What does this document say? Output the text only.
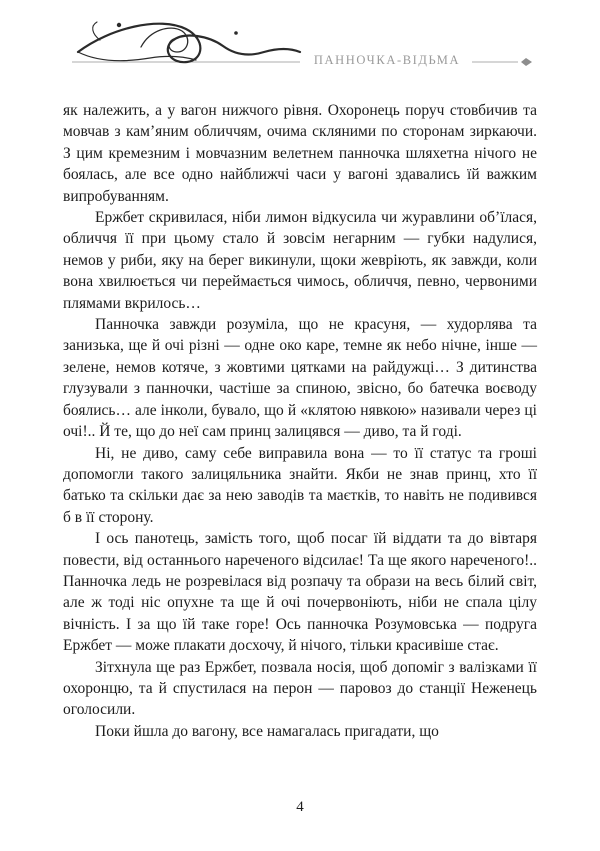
ПАННОЧКА-ВІДЬМА

як належить, а у вагон нижчого рівня. Охоронець поруч стовбичив та мовчав з кам’яним обличчям, очима скляними по сторонам зиркаючи. З цим кремезним і мовчазним велетнем панночка шляхетна нічого не боялась, але все одно найближчі часи у вагоні здавались їй важким випробуванням.

Ержбет скривилася, ніби лимон відкусила чи журавлини об’їлася, обличчя її при цьому стало й зовсім негарним — губки надулися, немов у риби, яку на берег викинули, щоки жевріють, як завжди, коли вона хвилюється чи переймається чимось, обличчя, певно, червоними плямами вкрилось…

Панночка завжди розуміла, що не красуня, — худорлява та занизька, ще й очі різні — одне око каре, темне як небо нічне, інше — зелене, немов котяче, з жовтими цятками на райдужці… З дитинства глузували з панночки, частіше за спиною, звісно, бо батечка воєводу боялись… але інколи, бувало, що й «клятою нявкою» називали через ці очі!.. Й те, що до неї сам принц залицявся — диво, та й годі.

Ні, не диво, саму себе виправила вона — то її статус та гроші допомогли такого залицяльника знайти. Якби не знав принц, хто її батько та скільки дає за нею заводів та маєтків, то навіть не подивився б в її сторону.

І ось панотець, замість того, щоб посаг їй віддати та до вівтаря повести, від останнього нареченого відсилає! Та ще якого нареченого!.. Панночка ледь не розревілася від розпачу та образи на весь білий світ, але ж тоді ніс опухне та ще й очі почервоніють, ніби не спала цілу вічність. І за що їй таке горе! Ось панночка Розумовська — подруга Ержбет — може плакати досхочу, й нічого, тільки красивіше стає.

Зітхнула ще раз Ержбет, позвала носія, щоб допоміг з валізками її охоронцю, та й спустилася на перон — паровоз до станції Неженець оголосили.

Поки йшла до вагону, все намагалась пригадати, що

4
